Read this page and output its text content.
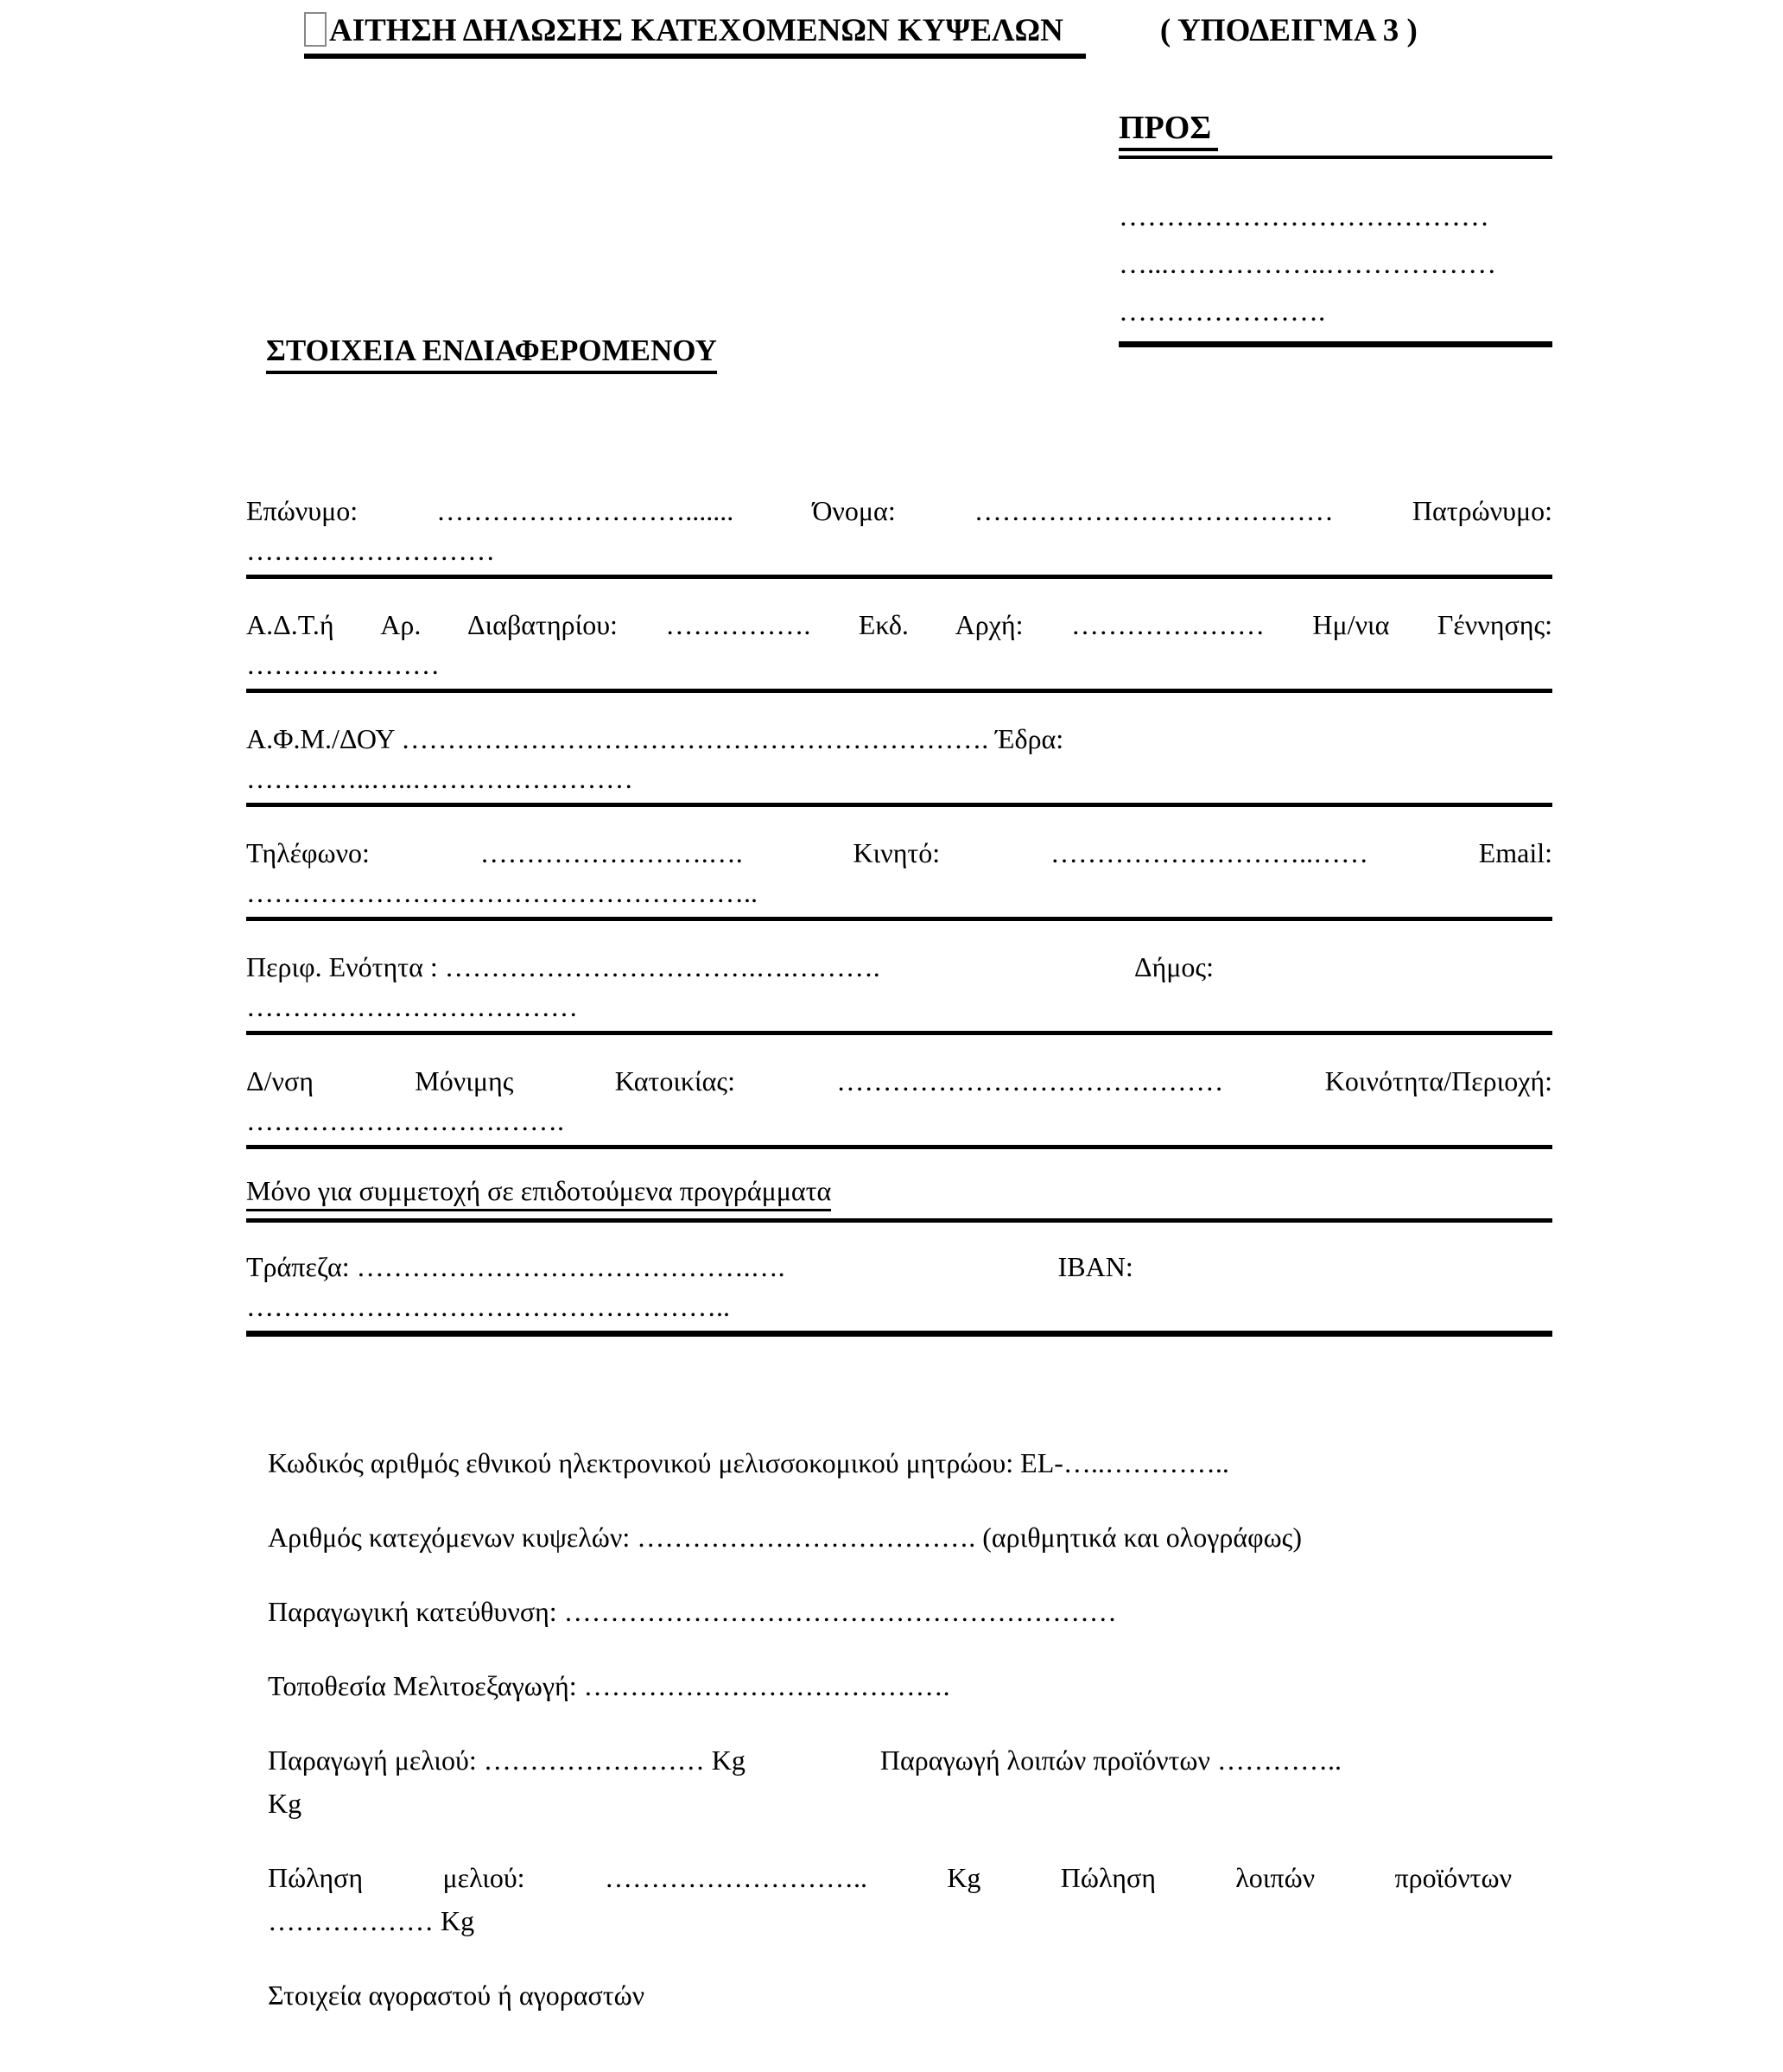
ΑΙΤΗΣΗ ΔΗΛΩΣΗΣ ΚΑΤΕΧΟΜΕΝΩΝ ΚΥΨΕΛΩΝ	( ΥΠΟΔΕΙΓΜΑ 3 )
ΠΡΟΣ
…………………………………
…...……………..………………
………………….
ΣΤΟΙΧΕΙΑ ΕΝΔΙΑΦΕΡΟΜΕΝΟΥ
Επώνυμο:	……………………….......	Όνομα:	…………………………………	Πατρώνυμο:
………………………
Α.Δ.Τ.ή Αρ. Διαβατηρίου: ……………. Εκδ. Αρχή: ………………… Ημ/νια Γέννησης:
…………………
Α.Φ.Μ./ΔΟΥ ………………………………………………………. Έδρα:
…………..…..……………………
Τηλέφωνο:	…………………….….	Κινητό:	………………………..……	Email:
………………………………………………..
Περιφ. Ενότητα : …………………………….….……….	Δήμος:
………………………………
Δ/νση Μόνιμης Κατοικίας:	……………………………………	Κοινότητα/Περιοχή:
……………………….…….
Μόνο για συμμετοχή σε επιδοτούμενα προγράμματα
Τράπεζα: …………………………………….….	IBAN:
……………………………………………..
Κωδικός αριθμός εθνικού ηλεκτρονικού μελισσοκομικού μητρώου: EL-…..…………..
Αριθμός κατεχόμενων κυψελών: ………………………………. (αριθμητικά και ολογράφως)
Παραγωγική κατεύθυνση: ……………………………………………………
Τοποθεσία Μελιτοεξαγωγή: ………………………………….
Παραγωγή μελιού: …………………… Kg	Παραγωγή λοιπών προϊόντων …………..
Kg
Πώληση μελιού:	………………………..	Kg	Πώληση λοιπών προϊόντων
……………… Kg
Στοιχεία αγοραστού ή αγοραστών
